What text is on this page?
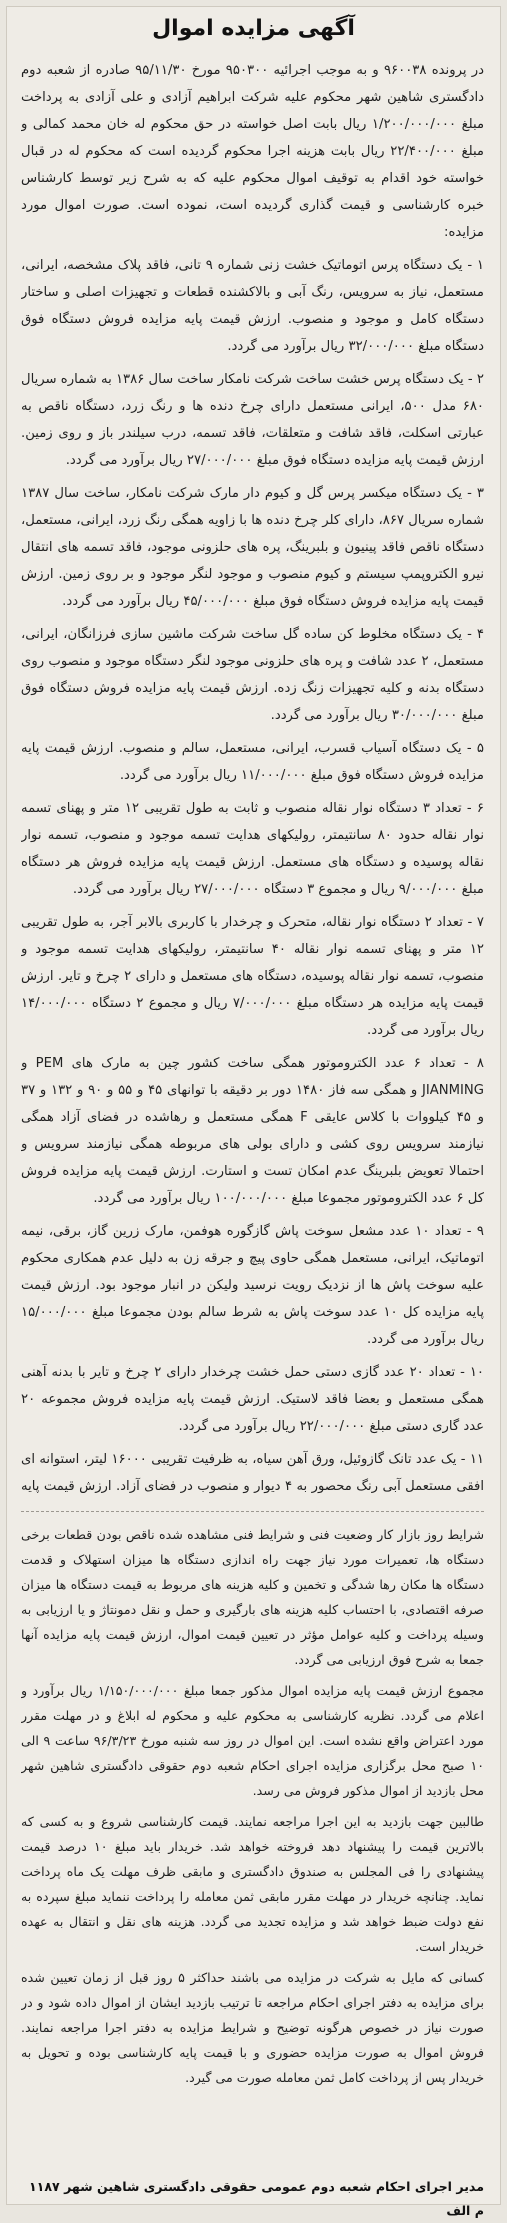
آگهی مزایده اموال

در پرونده ۹۶۰۰۳۸ و به موجب اجرائیه ۹۵۰۳۰۰ مورخ ۹۵/۱۱/۳۰ صادره از شعبه دوم دادگستری شاهین شهر محکوم علیه شرکت ابراهیم آزادی و علی آزادی به پرداخت مبلغ ۱/۲۰۰/۰۰۰/۰۰۰ ریال بابت اصل خواسته در حق محکوم له خان محمد کمالی و مبلغ ۲۲/۴۰۰/۰۰۰ ریال بابت هزینه اجرا محکوم گردیده است که محکوم له در قبال خواسته خود اقدام به توقیف اموال محکوم علیه که به شرح زیر توسط کارشناس خبره کارشناسی و قیمت گذاری گردیده است، نموده است. صورت اموال مورد مزایده:

۱ - یک دستگاه پرس اتوماتیک خشت زنی شماره ۹ تانی، فاقد پلاک مشخصه، ایرانی، مستعمل، نیاز به سرویس، رنگ آبی و بالاکشنده قطعات و تجهیزات اصلی و ساختار دستگاه کامل و موجود و منصوب. ارزش قیمت پایه مزایده فروش دستگاه فوق دستگاه مبلغ ۳۲/۰۰۰/۰۰۰ ریال برآورد می گردد.

۲ - یک دستگاه پرس خشت ساخت شرکت نامکار ساخت سال ۱۳۸۶ به شماره سریال ۶۸۰ مدل ۵۰۰، ایرانی مستعمل دارای چرخ دنده ها و رنگ زرد، دستگاه ناقص به عبارتی اسکلت، فاقد شافت و متعلقات، فاقد تسمه، درب سیلندر باز و روی زمین. ارزش قیمت پایه مزایده دستگاه فوق مبلغ ۲۷/۰۰۰/۰۰۰ ریال برآورد می گردد.

۳ - یک دستگاه میکسر پرس گل و کیوم دار مارک شرکت نامکار، ساخت سال ۱۳۸۷ شماره سریال ۸۶۷، دارای کلر چرخ دنده ها با زاویه همگی رنگ زرد، ایرانی، مستعمل، دستگاه ناقص فاقد پینیون و بلبرینگ، پره های حلزونی موجود، فاقد تسمه های انتقال نیرو الکتروپمپ سیستم و کیوم منصوب و موجود لنگر موجود و بر روی زمین. ارزش قیمت پایه مزایده فروش دستگاه فوق مبلغ ۴۵/۰۰۰/۰۰۰ ریال برآورد می گردد.

۴ - یک دستگاه مخلوط کن ساده گل ساخت شرکت ماشین سازی فرزانگان، ایرانی، مستعمل، ۲ عدد شافت و پره های حلزونی موجود لنگر دستگاه موجود و منصوب روی دستگاه بدنه و کلیه تجهیزات زنگ زده. ارزش قیمت پایه مزایده فروش دستگاه فوق مبلغ ۳۰/۰۰۰/۰۰۰ ریال برآورد می گردد.

۵ - یک دستگاه آسیاب قسرب، ایرانی، مستعمل، سالم و منصوب. ارزش قیمت پایه مزایده فروش دستگاه فوق مبلغ ۱۱/۰۰۰/۰۰۰ ریال برآورد می گردد.

۶ - تعداد ۳ دستگاه نوار نقاله منصوب و ثابت به طول تقریبی ۱۲ متر و پهنای تسمه نوار نقاله حدود ۸۰ سانتیمتر، رولیکهای هدایت تسمه موجود و منصوب، تسمه نوار نقاله پوسیده و دستگاه های مستعمل. ارزش قیمت پایه مزایده فروش هر دستگاه مبلغ ۹/۰۰۰/۰۰۰ ریال و مجموع ۳ دستگاه ۲۷/۰۰۰/۰۰۰ ریال برآورد می گردد.

۷ - تعداد ۲ دستگاه نوار نقاله، متحرک و چرخدار با کاربری بالابر آجر، به طول تقریبی ۱۲ متر و پهنای تسمه نوار نقاله ۴۰ سانتیمتر، رولیکهای هدایت تسمه موجود و منصوب، تسمه نوار نقاله پوسیده، دستگاه های مستعمل و دارای ۲ چرخ و تایر. ارزش قیمت پایه مزایده هر دستگاه مبلغ ۷/۰۰۰/۰۰۰ ریال و مجموع ۲ دستگاه ۱۴/۰۰۰/۰۰۰ ریال برآورد می گردد.

۸ - تعداد ۶ عدد الکتروموتور همگی ساخت کشور چین به مارک های PEM و JIANMING و همگی سه فاز ۱۴۸۰ دور بر دقیقه با توانهای ۴۵ و ۵۵ و ۹۰ و ۱۳۲ و ۳۷ و ۴۵ کیلووات با کلاس عایقی F همگی مستعمل و رهاشده در فضای آزاد همگی نیازمند سرویس روی کشی و دارای بولی های مربوطه همگی نیازمند سرویس و احتمالا تعویض بلبرینگ عدم امکان تست و استارت. ارزش قیمت پایه مزایده فروش کل ۶ عدد الکتروموتور مجموعا مبلغ ۱۰۰/۰۰۰/۰۰۰ ریال برآورد می گردد.

۹ - تعداد ۱۰ عدد مشعل سوخت پاش گازگوره هوفمن، مارک زرین گاز، برقی، نیمه اتوماتیک، ایرانی، مستعمل همگی حاوی پیچ و جرقه زن به دلیل عدم همکاری محکوم علیه سوخت پاش ها از نزدیک رویت نرسید ولیکن در انبار موجود بود. ارزش قیمت پایه مزایده کل ۱۰ عدد سوخت پاش به شرط سالم بودن مجموعا مبلغ ۱۵/۰۰۰/۰۰۰ ریال برآورد می گردد.

۱۰ - تعداد ۲۰ عدد گازی دستی حمل خشت چرخدار دارای ۲ چرخ و تایر با بدنه آهنی همگی مستعمل و بعضا فاقد لاستیک. ارزش قیمت پایه مزایده فروش مجموعه ۲۰ عدد گاری دستی مبلغ ۲۲/۰۰۰/۰۰۰ ریال برآورد می گردد.

۱۱ - یک عدد تانک گازوئیل، ورق آهن سیاه، به ظرفیت تقریبی ۱۶۰۰۰ لیتر، استوانه ای افقی مستعمل آبی رنگ محصور به ۴ دیوار و منصوب در فضای آزاد. ارزش قیمت پایه

شرایط روز بازار کار وضعیت فنی و شرایط فنی مشاهده شده ناقص بودن قطعات برخی دستگاه ها، تعمیرات مورد نیاز جهت راه اندازی دستگاه ها میزان استهلاک و قدمت دستگاه ها مکان رها شدگی و تخمین و کلیه هزینه های مربوط به قیمت دستگاه ها میزان صرفه اقتصادی، با احتساب کلیه هزینه های بارگیری و حمل و نقل دمونتاژ و یا ارزیابی به وسیله پرداخت و کلیه عوامل مؤثر در تعیین قیمت اموال، ارزش قیمت پایه مزایده آنها جمعا به شرح فوق ارزیابی می گردد.

مجموع ارزش قیمت پایه مزایده اموال مذکور جمعا مبلغ ۱/۱۵۰/۰۰۰/۰۰۰ ریال برآورد و اعلام می گردد. نظریه کارشناسی به محکوم علیه و محکوم له ابلاغ و در مهلت مقرر مورد اعتراض واقع نشده است. این اموال در روز سه شنبه مورخ ۹۶/۳/۲۳ ساعت ۹ الی ۱۰ صبح محل برگزاری مزایده اجرای احکام شعبه دوم حقوقی دادگستری شاهین شهر محل بازدید از اموال مذکور فروش می رسد.

طالبین جهت بازدید به این اجرا مراجعه نمایند. قیمت کارشناسی شروع و به کسی که بالاترین قیمت را پیشنهاد دهد فروخته خواهد شد. خریدار باید مبلغ ۱۰ درصد قیمت پیشنهادی را فی المجلس به صندوق دادگستری و مابقی ظرف مهلت یک ماه پرداخت نماید. چنانچه خریدار در مهلت مقرر مابقی ثمن معامله را پرداخت ننماید مبلغ سپرده به نفع دولت ضبط خواهد شد و مزایده تجدید می گردد. هزینه های نقل و انتقال به عهده خریدار است.

کسانی که مایل به شرکت در مزایده می باشند حداکثر ۵ روز قبل از زمان تعیین شده برای مزایده به دفتر اجرای احکام مراجعه تا ترتیب بازدید ایشان از اموال داده شود و در صورت نیاز در خصوص هرگونه توضیح و شرایط مزایده به دفتر اجرا مراجعه نمایند. فروش اموال به صورت مزایده حضوری و با قیمت پایه کارشناسی بوده و تحویل به خریدار پس از پرداخت کامل ثمن معامله صورت می گیرد.

مدیر اجرای احکام شعبه دوم عمومی حقوقی دادگستری شاهین شهر ۱۱۸۷ م الف
